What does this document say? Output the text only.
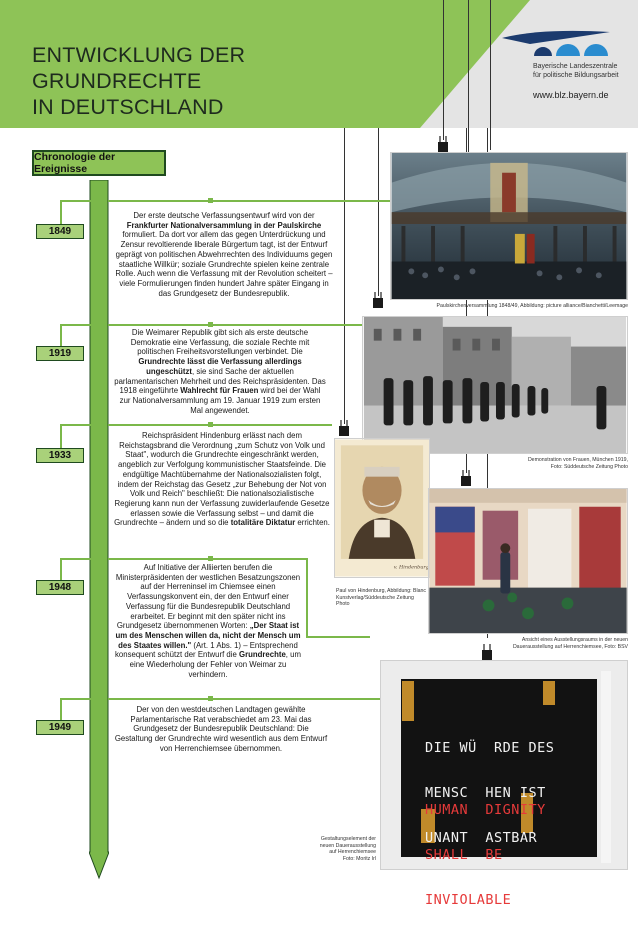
ENTWICKLUNG DER GRUNDRECHTE
IN DEUTSCHLAND
Bayerische Landeszentrale
für politische Bildungsarbeit
www.blz.bayern.de
Chronologie der Ereignisse
1849
Der erste deutsche Verfassungsentwurf wird von der Frankfurter Nationalversammlung in der Paulskirche formuliert. Da dort vor allem das gegen Unterdrückung und Zensur revoltierende liberale Bürgertum tagt, ist der Entwurf geprägt von politischen Abwehrrechten des Individuums gegen staatliche Willkür; soziale Grundrechte spielen keine zentrale Rolle. Auch wenn die Verfassung mit der Revolution scheitert – viele Formulierungen finden hundert Jahre später Eingang in das Grundgesetz der Bundesrepublik.
1919
Die Weimarer Republik gibt sich als erste deutsche Demokratie eine Verfassung, die soziale Rechte mit politischen Freiheitsvorstellungen verbindet. Die Grundrechte lässt die Verfassung allerdings ungeschützt, sie sind Sache der aktuellen parlamentarischen Mehrheit und des Reichspräsidenten. Das 1918 eingeführte Wahlrecht für Frauen wird bei der Wahl zur Nationalversammlung am 19. Januar 1919 zum ersten Mal angewendet.
1933
Reichspräsident Hindenburg erlässt nach dem Reichstagsbrand die Verordnung „zum Schutz von Volk und Staat", wodurch die Grundrechte eingeschränkt werden, angeblich zur Verfolgung kommunistischer Staatsfeinde. Die endgültige Machtübernahme der Nationalsozialisten folgt, indem der Reichstag das Gesetz „zur Behebung der Not von Volk und Reich" beschließt: Die nationalsozialistische Regierung kann nun der Verfassung zuwiderlaufende Gesetze erlassen sowie die Verfassung selbst – und damit die Grundrechte – ändern und so die totalitäre Diktatur errichten.
1948
Auf Initiative der Alliierten berufen die Ministerpräsidenten der westlichen Besatzungszonen auf der Herreninsel im Chiemsee einen Verfassungskonvent ein, der den Entwurf einer Verfassung für die Bundesrepublik Deutschland erarbeitet. Er beginnt mit den später nicht ins Grundgesetz übernommenen Worten: „Der Staat ist um des Menschen willen da, nicht der Mensch um des Staates willen." (Art. 1 Abs. 1) – Entsprechend konsequent schützt der Entwurf die Grundrechte, um eine Wiederholung der Fehler von Weimar zu verhindern.
1949
Der von den westdeutschen Landtagen gewählte Parlamentarische Rat verabschiedet am 23. Mai das Grundgesetz der Bundesrepublik Deutschland: Die Gestaltung der Grundrechte wird wesentlich aus dem Entwurf von Herrenchiemsee übernommen.
Paulskirchenversammlung 1848/49, Abbildung: picture alliance/Bianchetti/Leemage
Demonstration von Frauen, München 1919,
Foto: Süddeutsche Zeitung Photo
v. Hindenburg
Paul von Hindenburg, Abbildung: Blanc
Kunstverlag/Süddeutsche Zeitung
Photo
Ansicht eines Ausstellungsraums in der neuen
Dauerausstellung auf Herrenchiemsee, Foto: BSV

DIE WÜ  RDE DES

MENSC  HEN IST

UNANT  ASTBAR

HUMAN  DIGNITY

SHALL  BE

INVIOLABLE

Gestaltungselement der
neuen Dauerausstellung
auf Herrenchiemsee
Foto: Moritz Irl
